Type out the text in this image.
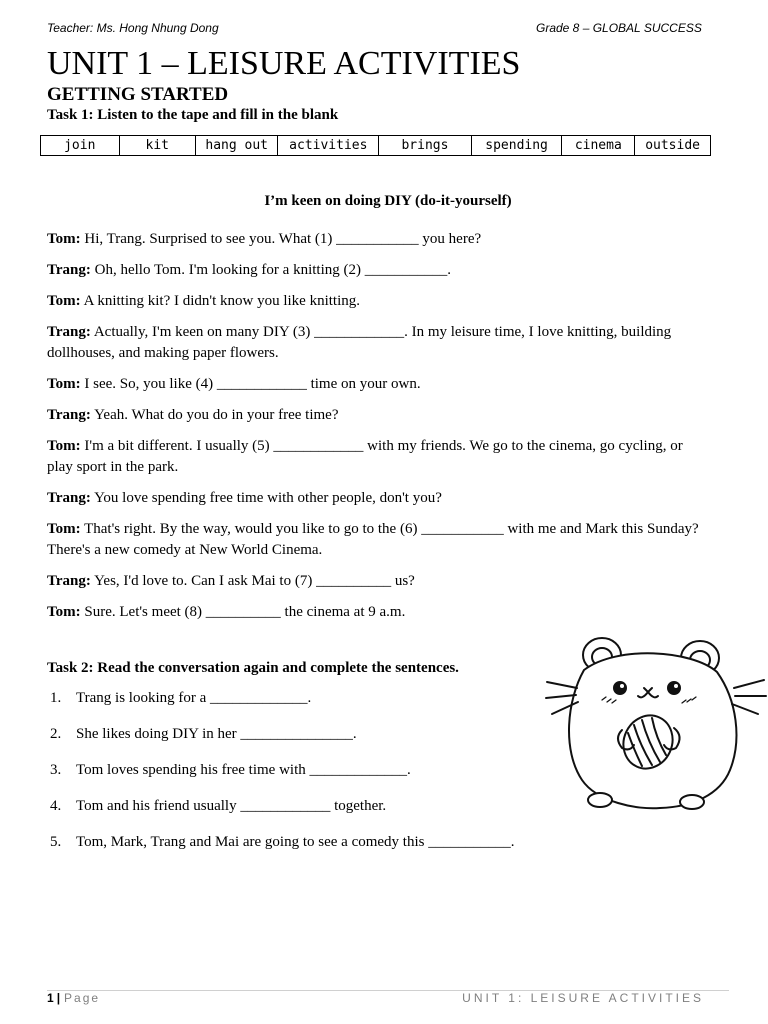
Teacher: Ms. Hong Nhung Dong	Grade 8 – GLOBAL SUCCESS
UNIT 1 – LEISURE ACTIVITIES
GETTING STARTED
Task 1: Listen to the tape and fill in the blank
join	kit	hang out	activities	brings	spending	cinema	outside
I’m keen on doing DIY (do-it-yourself)

Tom: Hi, Trang. Surprised to see you. What (1) ___________ you here?

Trang: Oh, hello Tom. I'm looking for a knitting (2) ___________.

Tom: A knitting kit? I didn't know you like knitting.

Trang: Actually, I'm keen on many DIY (3) ____________. In my leisure time, I love knitting, building dollhouses, and making paper flowers.

Tom: I see. So, you like (4) ____________ time on your own.

Trang: Yeah. What do you do in your free time?

Tom: I'm a bit different. I usually (5) ____________ with my friends. We go to the cinema, go cycling, or play sport in the park.

Trang: You love spending free time with other people, don't you?

Tom: That's right. By the way, would you like to go to the (6) ___________ with me and Mark this Sunday? There's a new comedy at New World Cinema.

Trang: Yes, I'd love to. Can I ask Mai to (7) __________ us?

Tom: Sure. Let's meet (8) __________ the cinema at 9 a.m.

Task 2: Read the conversation again and complete the sentences.
1. Trang is looking for a _____________.
2. She likes doing DIY in her _______________.
3. Tom loves spending his free time with _____________.
4. Tom and his friend usually ____________ together.
5. Tom, Mark, Trang and Mai are going to see a comedy this ___________.
1 | Page	UNIT 1: LEISURE ACTIVITIES
